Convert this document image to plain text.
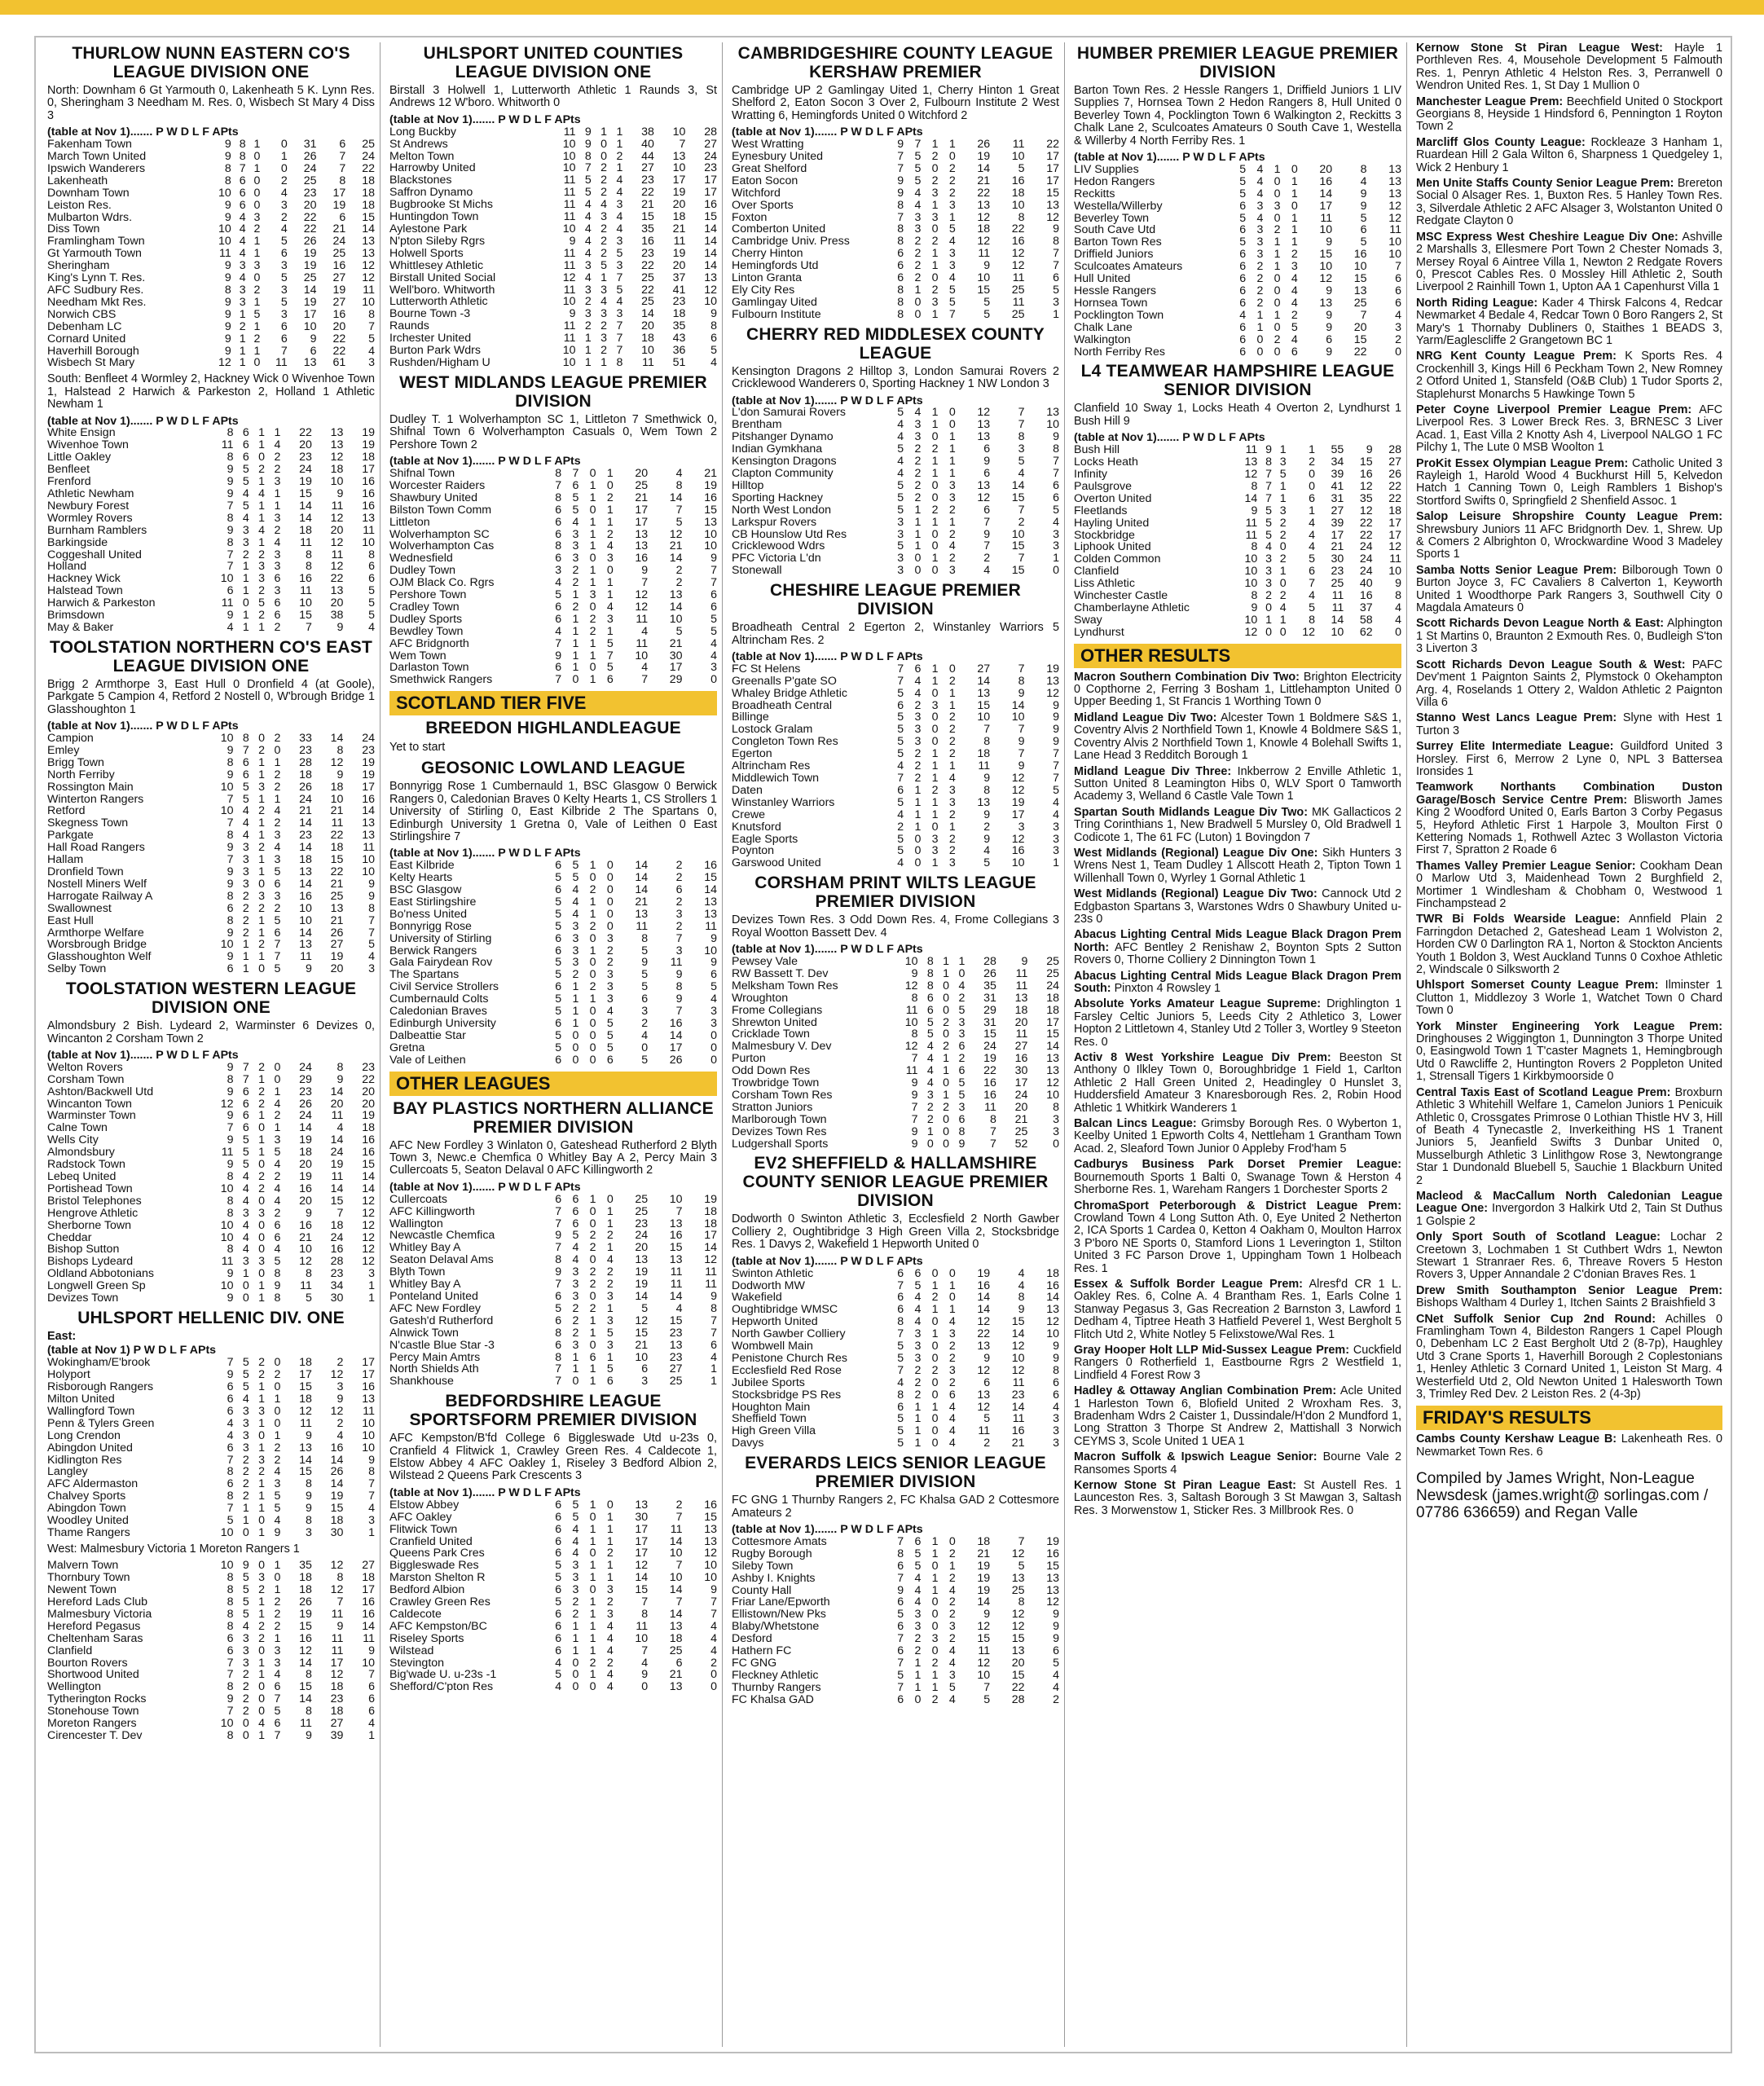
THURLOW NUNN EASTERN CO'S LEAGUE DIVISION ONE
North: Downham 6 Gt Yarmouth 0, Lakenheath 5 K. Lynn Res. 0, Sheringham 3 Needham M. Res. 0, Wisbech St Mary 4 Diss 3
(table at Nov 1)....... P W D L F APts							
Fakenham Town	9	8	1	0	31	6	25
March Town United	9	8	0	1	26	7	24
Ipswich Wanderers	8	7	1	0	24	7	22
Lakenheath	8	6	0	2	25	8	18
Downham Town	10	6	0	4	23	17	18
Leiston Res.	9	6	0	3	20	19	18
Mulbarton Wdrs.	9	4	3	2	22	6	15
Diss Town	10	4	2	4	22	21	14
Framlingham Town	10	4	1	5	26	24	13
Gt Yarmouth Town	11	4	1	6	19	25	13
Sheringham	9	3	3	3	19	16	12
King's Lynn T. Res.	9	4	0	5	25	27	12
AFC Sudbury Res.	8	3	2	3	14	19	11
Needham Mkt Res.	9	3	1	5	19	27	10
Norwich CBS	9	1	5	3	17	16	8
Debenham LC	9	2	1	6	10	20	7
Cornard United	9	1	2	6	9	22	5
Haverhill Borough	9	1	1	7	6	22	4
Wisbech St Mary	12	1	0	11	13	61	3
South: Benfleet 4 Wormley 2, Hackney Wick 0 Wivenhoe Town 1, Halstead 2 Harwich & Parkeston 2, Holland 1 Athletic Newham 1
(table at Nov 1)....... P W D L F APts							
White Ensign	8	6	1	1	22	13	19
Wivenhoe Town	11	6	1	4	20	13	19
Little Oakley	8	6	0	2	23	12	18
Benfleet	9	5	2	2	24	18	17
Frenford	9	5	1	3	19	10	16
Athletic Newham	9	4	4	1	15	9	16
Newbury Forest	7	5	1	1	14	11	16
Wormley Rovers	8	4	1	3	14	12	13
Burnham Ramblers	9	3	4	2	18	20	11
Barkingside	8	3	1	4	11	12	10
Coggeshall United	7	2	2	3	8	11	8
Holland	7	1	3	3	8	12	6
Hackney Wick	10	1	3	6	16	22	6
Halstead Town	6	1	2	3	11	13	5
Harwich & Parkeston	11	0	5	6	10	20	5
Brimsdown	9	1	2	6	15	38	5
May & Baker	4	1	1	2	7	9	4
TOOLSTATION NORTHERN CO'S EAST LEAGUE DIVISION ONE
Brigg 2 Armthorpe 3, East Hull 0 Dronfield 4 (at Goole), Parkgate 5 Campion 4, Retford 2 Nostell 0, W'brough Bridge 1 Glasshoughton 1
(table at Nov 1)....... P W D L F APts							
Campion	10	8	0	2	33	14	24
Emley	9	7	2	0	23	8	23
Brigg Town	8	6	1	1	28	12	19
North Ferriby	9	6	1	2	18	9	19
Rossington Main	10	5	3	2	26	18	17
Winterton Rangers	7	5	1	1	24	10	16
Retford	10	4	2	4	21	21	14
Skegness Town	7	4	1	2	14	11	13
Parkgate	8	4	1	3	23	22	13
Hall Road Rangers	9	3	2	4	14	18	11
Hallam	7	3	1	3	18	15	10
Dronfield Town	9	3	1	5	13	22	10
Nostell Miners Welf	9	3	0	6	14	21	9
Harrogate Railway A	8	2	3	3	16	25	9
Swallownest	6	2	2	2	10	13	8
East Hull	8	2	1	5	10	21	7
Armthorpe Welfare	9	2	1	6	14	26	7
Worsbrough Bridge	10	1	2	7	13	27	5
Glasshoughton Welf	9	1	1	7	11	19	4
Selby Town	6	1	0	5	9	20	3
TOOLSTATION WESTERN LEAGUE DIVISION ONE
Almondsbury 2 Bish. Lydeard 2, Warminster 6 Devizes 0, Wincanton 2 Corsham Town 2
(table at Nov 1)....... P W D L F APts							
Welton Rovers	9	7	2	0	24	8	23
Corsham Town	8	7	1	0	29	9	22
Ashton/Backwell Utd	9	6	2	1	23	14	20
Wincanton Town	12	6	2	4	26	20	20
Warminster Town	9	6	1	2	24	11	19
Calne Town	7	6	0	1	14	4	18
Wells City	9	5	1	3	19	14	16
Almondsbury	11	5	1	5	18	24	16
Radstock Town	9	5	0	4	20	19	15
Lebeq United	8	4	2	2	19	11	14
Portishead Town	10	4	2	4	16	14	14
Bristol Telephones	8	4	0	4	20	15	12
Hengrove Athletic	8	3	3	2	9	7	12
Sherborne Town	10	4	0	6	16	18	12
Cheddar	10	4	0	6	21	24	12
Bishop Sutton	8	4	0	4	10	16	12
Bishops Lydeard	11	3	3	5	12	28	12
Oldland Abbotonians	9	1	0	8	8	23	3
Longwell Green Sp	10	0	1	9	11	34	1
Devizes Town	9	0	1	8	5	30	1
UHLSPORT HELLENIC DIV. ONE
East:
(table at Nov 1) P W D L F APts							
Wokingham/E'brook	7	5	2	0	18	2	17
Holyport	9	5	2	2	17	12	17
Risborough Rangers	6	5	1	0	15	3	16
Milton United	6	4	1	1	18	9	13
Wallingford Town	6	3	3	0	12	12	11
Penn & Tylers Green	4	3	1	0	11	2	10
Long Crendon	4	3	0	1	9	4	10
Abingdon United	6	3	1	2	13	16	10
Kidlington Res	7	2	3	2	14	14	9
Langley	8	2	2	4	15	26	8
AFC Aldermaston	6	2	1	3	8	14	7
Chalvey Sports	8	2	1	5	9	19	7
Abingdon Town	7	1	1	5	9	15	4
Woodley United	5	1	0	4	8	18	3
Thame Rangers	10	0	1	9	3	30	1
West: Malmesbury Victoria 1 Moreton Rangers 1
Malvern Town	10	9	0	1	35	12	27
Thornbury Town	8	5	3	0	18	8	18
Newent Town	8	5	2	1	18	12	17
Hereford Lads Club	8	5	1	2	26	7	16
Malmesbury Victoria	8	5	1	2	19	11	16
Hereford Pegasus	8	4	2	2	15	9	14
Cheltenham Saras	6	3	2	1	16	11	11
Clanfield	6	3	0	3	12	11	9
Bourton Rovers	7	3	1	3	14	17	10
Shortwood United	7	2	1	4	8	12	7
Wellington	8	2	0	6	15	18	6
Tytherington Rocks	9	2	0	7	14	23	6
Stonehouse Town	7	2	0	5	8	18	6
Moreton Rangers	10	0	4	6	11	27	4
Cirencester T. Dev	8	0	1	7	9	39	1
UHLSPORT UNITED COUNTIES LEAGUE DIVISION ONE
Birstall 3 Holwell 1, Lutterworth Athletic 1 Raunds 3, St Andrews 12 W'boro. Whitworth 0
(table at Nov 1)....... P W D L F APts							
Long Buckby	11	9	1	1	38	10	28
St Andrews	10	9	0	1	40	7	27
Melton Town	10	8	0	2	44	13	24
Harrowby United	10	7	2	1	27	10	23
Blackstones	11	5	2	4	23	17	17
Saffron Dynamo	11	5	2	4	22	19	17
Bugbrooke St Michs	11	4	4	3	21	20	16
Huntingdon Town	11	4	3	4	15	18	15
Aylestone Park	10	4	2	4	35	21	14
N'pton Sileby Rgrs	9	4	2	3	16	11	14
Holwell Sports	11	4	2	5	23	19	14
Whittlesey Athletic	11	3	5	3	22	20	14
Birstall United Social	12	4	1	7	25	37	13
Well'boro. Whitworth	11	3	3	5	22	41	12
Lutterworth Athletic	10	2	4	4	25	23	10
Bourne Town -3	9	3	3	3	14	18	9
Raunds	11	2	2	7	20	35	8
Irchester United	11	1	3	7	18	43	6
Burton Park Wdrs	10	1	2	7	10	36	5
Rushden/Higham U	10	1	1	8	11	51	4
WEST MIDLANDS LEAGUE PREMIER DIVISION
Dudley T. 1 Wolverhampton SC 1, Littleton 7 Smethwick 0, Shifnal Town 6 Wolverhampton Casuals 0, Wem Town 2 Pershore Town 2
(table at Nov 1)....... P W D L F APts							
Shifnal Town	8	7	0	1	20	4	21
Worcester Raiders	7	6	1	0	25	8	19
Shawbury United	8	5	1	2	21	14	16
Bilston Town Comm	6	5	0	1	17	7	15
Littleton	6	4	1	1	17	5	13
Wolverhampton SC	6	3	1	2	13	12	10
Wolverhampton Cas	8	3	1	4	13	21	10
Wednesfield	6	3	0	3	16	14	9
Dudley Town	3	2	1	0	9	2	7
OJM Black Co. Rgrs	4	2	1	1	7	2	7
Pershore Town	5	1	3	1	12	13	6
Cradley Town	6	2	0	4	12	14	6
Dudley Sports	6	1	2	3	11	10	5
Bewdley Town	4	1	2	1	4	5	5
AFC Bridgnorth	7	1	1	5	11	21	4
Wem Town	9	1	1	7	10	30	4
Darlaston Town	6	1	0	5	4	17	3
Smethwick Rangers	7	0	1	6	7	29	0
SCOTLAND TIER FIVE
BREEDON HIGHLANDLEAGUE
Yet to start
GEOSONIC LOWLAND LEAGUE
Bonnyrigg Rose 1 Cumbernauld 1, BSC Glasgow 0 Berwick Rangers 0, Caledonian Braves 0 Kelty Hearts 1, CS Strollers 1 University of Stirling 0, East Kilbride 2 The Spartans 0, Edinburgh University 1 Gretna 0, Vale of Leithen 0 East Stirlingshire 7
(table at Nov 1)....... P W D L F APts							
East Kilbride	6	5	1	0	14	2	16
Kelty Hearts	5	5	0	0	14	2	15
BSC Glasgow	6	4	2	0	14	6	14
East Stirlingshire	5	4	1	0	21	2	13
Bo'ness United	5	4	1	0	13	3	13
Bonnyrigg Rose	5	3	2	0	11	2	11
University of Stirling	6	3	0	3	8	7	9
Berwick Rangers	6	3	1	2	5	3	10
Gala Fairydean Rov	5	3	0	2	9	11	9
The Spartans	5	2	0	3	5	9	6
Civil Service Strollers	6	1	2	3	5	8	5
Cumbernauld Colts	5	1	1	3	6	9	4
Caledonian Braves	5	1	0	4	3	7	3
Edinburgh University	6	1	0	5	2	16	3
Dalbeattie Star	5	0	0	5	4	14	0
Gretna	5	0	0	5	0	17	0
Vale of Leithen	6	0	0	6	5	26	0
OTHER LEAGUES
BAY PLASTICS NORTHERN ALLIANCE PREMIER DIVISION
AFC New Fordley 3 Winlaton 0, Gateshead Rutherford 2 Blyth Town 3, Newc.e Chemfica 0 Whitley Bay A 2, Percy Main 3 Cullercoats 5, Seaton Delaval 0 AFC Killingworth 2
(table at Nov 1)....... P W D L F APts							
Cullercoats	6	6	1	0	25	10	19
AFC Killingworth	7	6	0	1	25	7	18
Wallington	7	6	0	1	23	13	18
Newcastle Chemfica	9	5	2	2	24	16	17
Whitley Bay A	7	4	2	1	20	15	14
Seaton Delaval Ams	8	4	0	4	13	13	12
Blyth Town	9	3	2	2	19	11	11
Whitley Bay A	7	3	2	2	19	11	11
Ponteland United	6	3	0	3	14	14	9
AFC New Fordley	5	2	2	1	5	4	8
Gatesh'd Rutherford	6	2	1	3	12	15	7
Alnwick Town	8	2	1	5	15	23	7
N'castle Blue Star -3	6	3	0	3	21	13	6
Percy Main Amtrs	8	1	6	1	10	23	4
North Shields Ath	7	1	1	5	6	27	1
Shankhouse	7	0	1	6	3	25	1
BEDFORDSHIRE LEAGUE SPORTSFORM PREMIER DIVISION
AFC Kempston/B'fd College 6 Biggleswade Utd u-23s 0, Cranfield 4 Flitwick 1, Crawley Green Res. 4 Caldecote 1, Elstow Abbey 4 AFC Oakley 1, Riseley 3 Bedford Albion 2, Wilstead 2 Queens Park Crescents 3
(table at Nov 1)....... P W D L F APts							
Elstow Abbey	6	5	1	0	13	2	16
AFC Oakley	6	5	0	1	30	7	15
Flitwick Town	6	4	1	1	17	11	13
Cranfield United	6	4	1	1	17	14	13
Queens Park Cres	6	4	0	2	17	10	12
Biggleswade Res	5	3	1	1	12	7	10
Marston Shelton R	5	3	1	1	14	10	10
Bedford Albion	6	3	0	3	15	14	9
Crawley Green Res	5	2	1	2	7	7	7
Caldecote	6	2	1	3	8	14	7
AFC Kempston/BC	6	1	1	4	11	13	4
Riseley Sports	6	1	1	4	10	18	4
Wilstead	6	1	1	4	7	25	4
Stevington	4	0	2	2	4	6	2
Big'wade U. u-23s -1	5	0	1	4	9	21	0
Shefford/C'pton Res	4	0	0	4	0	13	0
CAMBRIDGESHIRE COUNTY LEAGUE KERSHAW PREMIER
Cambridge UP 2 Gamlingay Uited 1, Cherry Hinton 1 Great Shelford 2, Eaton Socon 3 Over 2, Fulbourn Institute 2 West Wratting 6, Hemingfords United 0 Witchford 2
(table at Nov 1)....... P W D L F APts							
West Wratting	9	7	1	1	26	11	22
Eynesbury United	7	5	2	0	19	10	17
Great Shelford	7	5	0	2	14	5	17
Eaton Socon	9	5	2	2	21	16	17
Witchford	9	4	3	2	22	18	15
Over Sports	8	4	1	3	13	10	13
Foxton	7	3	3	1	12	8	12
Comberton United	8	3	0	5	18	22	9
Cambridge Univ. Press	8	2	2	4	12	16	8
Cherry Hinton	6	2	1	3	11	12	7
Hemingfords Utd	6	2	1	3	9	12	7
Linton Granta	6	2	0	4	10	11	6
Ely City Res	8	1	2	5	15	25	5
Gamlingay Uited	8	0	3	5	5	11	3
Fulbourn Institute	8	0	1	7	5	25	1
CHERRY RED MIDDLESEX COUNTY LEAGUE
Kensington Dragons 2 Hilltop 3, London Samurai Rovers 2 Cricklewood Wanderers 0, Sporting Hackney 1 NW London 3
(table at Nov 1)....... P W D L F APts							
L'don Samurai Rovers	5	4	1	0	12	7	13
Brentham	4	3	1	0	13	7	10
Pitshanger Dynamo	4	3	0	1	13	8	9
Indian Gymkhana	5	2	2	1	6	3	8
Kensington Dragons	4	2	1	1	9	5	7
Clapton Community	4	2	1	1	6	4	7
Hilltop	5	2	0	3	13	14	6
Sporting Hackney	5	2	0	3	12	15	6
North West London	5	1	2	2	6	7	5
Larkspur Rovers	3	1	1	1	7	2	4
CB Hounslow Utd Res	3	1	0	2	9	10	3
Cricklewood Wdrs	5	1	0	4	7	15	3
PFC Victoria L'dn	3	0	1	2	2	7	1
Stonewall	3	0	0	3	4	15	0
CHESHIRE LEAGUE PREMIER DIVISION
Broadheath Central 2 Egerton 2, Winstanley Warriors 5 Altrincham Res. 2
(table at Nov 1)....... P W D L F APts							
FC St Helens	7	6	1	0	27	7	19
Greenalls P'gate SO	7	4	1	2	14	8	13
Whaley Bridge Athletic	5	4	0	1	13	9	12
Broadheath Central	6	2	3	1	15	14	9
Billinge	5	3	0	2	10	10	9
Lostock Gralam	5	3	0	2	7	7	9
Congleton Town Res	5	3	0	2	8	9	9
Egerton	5	2	1	2	18	7	7
Altrincham Res	4	2	1	1	11	9	7
Middlewich Town	7	2	1	4	9	12	7
Daten	6	1	2	3	8	12	5
Winstanley Warriors	5	1	1	3	13	19	4
Crewe	4	1	1	2	9	17	4
Knutsford	2	1	0	1	2	3	3
Eagle Sports	5	0	3	2	9	12	3
Poynton	5	0	3	2	4	16	3
Garswood United	4	0	1	3	5	10	1
CORSHAM PRINT WILTS LEAGUE PREMIER DIVISION
Devizes Town Res. 3 Odd Down Res. 4, Frome Collegians 3 Royal Wootton Bassett Dev. 4
(table at Nov 1)....... P W D L F APts							
Pewsey Vale	10	8	1	1	28	9	25
RW Bassett T. Dev	9	8	1	0	26	11	25
Melksham Town Res	12	8	0	4	35	11	24
Wroughton	8	6	0	2	31	13	18
Frome Collegians	11	6	0	5	29	18	18
Shrewton United	10	5	2	3	31	20	17
Cricklade Town	8	5	0	3	15	11	15
Malmesbury V. Dev	12	4	2	6	24	27	14
Purton	7	4	1	2	19	16	13
Odd Down Res	11	4	1	6	22	30	13
Trowbridge Town	9	4	0	5	16	17	12
Corsham Town Res	9	3	1	5	16	24	10
Stratton Juniors	7	2	2	3	11	20	8
Marlborough Town	7	2	0	6	8	21	3
Devizes Town Res	9	1	0	8	7	25	3
Ludgershall Sports	9	0	0	9	7	52	0
EV2 SHEFFIELD & HALLAMSHIRE COUNTY SENIOR LEAGUE PREMIER DIVISION
Dodworth 0 Swinton Athletic 3, Ecclesfield 2 North Gawber Colliery 2, Oughtibridge 3 High Green Villa 2, Stocksbridge Res. 1 Davys 2, Wakefield 1 Hepworth United 0
(table at Nov 1)....... P W D L F APts							
Swinton Athletic	6	6	0	0	19	4	18
Dodworth MW	7	5	1	1	16	4	16
Wakefield	6	4	2	0	14	8	14
Oughtibridge WMSC	6	4	1	1	14	9	13
Hepworth United	8	4	0	4	12	15	12
North Gawber Colliery	7	3	1	3	22	14	10
Wombwell Main	5	3	0	2	13	12	9
Penistone Church Res	5	3	0	2	9	10	9
Ecclesfield Red Rose	7	2	2	3	12	12	8
Jubilee Sports	4	2	0	2	6	11	6
Stocksbridge PS Res	8	2	0	6	13	23	6
Houghton Main	6	1	1	4	12	14	4
Sheffield Town	5	1	0	4	5	11	3
High Green Villa	5	1	0	4	11	16	3
Davys	5	1	0	4	2	21	3
EVERARDS LEICS SENIOR LEAGUE PREMIER DIVISION
FC GNG 1 Thurnby Rangers 2, FC Khalsa GAD 2 Cottesmore Amateurs 2
(table at Nov 1)....... P W D L F APts							
Cottesmore Amats	7	6	1	0	18	7	19
Rugby Borough	8	5	1	2	21	12	16
Sileby Town	6	5	0	1	19	5	15
Ashby I. Knights	7	4	1	2	19	13	13
County Hall	9	4	1	4	19	25	13
Friar Lane/Epworth	6	4	0	2	14	8	12
Ellistown/New Pks	5	3	0	2	9	12	9
Blaby/Whetstone	6	3	0	3	12	12	9
Desford	7	2	3	2	15	15	9
Hathern FC	6	2	0	4	11	13	6
FC GNG	7	1	2	4	12	20	5
Fleckney Athletic	5	1	1	3	10	15	4
Thurnby Rangers	7	1	1	5	7	22	4
FC Khalsa GAD	6	0	2	4	5	28	2
HUMBER PREMIER LEAGUE PREMIER DIVISION
Barton Town Res. 2 Hessle Rangers 1, Driffield Juniors 1 LIV Supplies 7, Hornsea Town 2 Hedon Rangers 8, Hull United 0 Beverley Town 4, Pocklington Town 6 Walkington 2, Reckitts 3 Chalk Lane 2, Sculcoates Amateurs 0 South Cave 1, Westella & Willerby 4 North Ferriby Res. 1
(table at Nov 1)....... P W D L F APts							
LIV Supplies	5	4	1	0	20	8	13
Hedon Rangers	5	4	0	1	16	4	13
Reckitts	5	4	0	1	14	9	13
Westella/Willerby	6	3	3	0	17	9	12
Beverley Town	5	4	0	1	11	5	12
South Cave Utd	6	3	2	1	10	6	11
Barton Town Res	5	3	1	1	9	5	10
Driffield Juniors	6	3	1	2	15	16	10
Sculcoates Amateurs	6	2	1	3	10	10	7
Hull United	6	2	0	4	12	15	6
Hessle Rangers	6	2	0	4	9	13	6
Hornsea Town	6	2	0	4	13	25	6
Pocklington Town	4	1	1	2	9	7	4
Chalk Lane	6	1	0	5	9	20	3
Walkington	6	0	2	4	6	15	2
North Ferriby Res	6	0	0	6	9	22	0
L4 TEAMWEAR HAMPSHIRE LEAGUE SENIOR DIVISION
Clanfield 10 Sway 1, Locks Heath 4 Overton 2, Lyndhurst 1 Bush Hill 9
(table at Nov 1)....... P W D L F APts							
Bush Hill	11	9	1	1	55	9	28
Locks Heath	13	8	3	2	34	15	27
Infinity	12	7	5	0	39	16	26
Paulsgrove	8	7	1	0	41	12	22
Overton United	14	7	1	6	31	35	22
Fleetlands	9	5	3	1	27	12	18
Hayling United	11	5	2	4	39	22	17
Stockbridge	11	5	2	4	17	22	17
Liphook United	8	4	0	4	21	24	12
Colden Common	10	3	2	5	30	24	11
Clanfield	10	3	1	6	23	24	10
Liss Athletic	10	3	0	7	25	40	9
Winchester Castle	8	2	2	4	11	16	8
Chamberlayne Athletic	9	0	4	5	11	37	4
Sway	10	1	1	8	14	58	4
Lyndhurst	12	0	0	12	10	62	0
OTHER RESULTS
Macron Southern Combination Div Two: Brighton Electricity 0 Copthorne 2, Ferring 3 Bosham 1, Littlehampton United 0 Upper Beeding 1, St Francis 1 Worthing Town 0
Midland League Div Two: Alcester Town 1 Boldmere S&S 1, Coventry Alvis 2 Northfield Town 1, Knowle 4 Boldmere S&S 1, Coventry Alvis 2 Northfield Town 1, Knowle 4 Bolehall Swifts 1, Lane Head 3 Redditch Borough 1
Midland League Div Three: Inkberrow 2 Enville Athletic 1, Sutton United 8 Leamington Hibs 0, WLV Sport 0 Tamworth Academy 3, Welland 6 Castle Vale Town 1
Spartan South Midlands League Div Two: MK Gallacticos 2 Tring Corinthians 1, New Bradwell 5 Mursley 0, Old Bradwell 1 Codicote 1, The 61 FC (Luton) 1 Bovingdon 7
West Midlands (Regional) League Div One: Sikh Hunters 3 Wrens Nest 1, Team Dudley 1 Allscott Heath 2, Tipton Town 1 Willenhall Town 0, Wyrley 1 Gornal Athletic 1
West Midlands (Regional) League Div Two: Cannock Utd 2 Edgbaston Spartans 3, Warstones Wdrs 0 Shawbury United u-23s 0
Abacus Lighting Central Mids League Black Dragon Prem North: AFC Bentley 2 Renishaw 2, Boynton Spts 2 Sutton Rovers 0, Thorne Colliery 2 Dinnington Town 1
Abacus Lighting Central Mids League Black Dragon Prem South: Pinxton 4 Rowsley 1
Absolute Yorks Amateur League Supreme: Drighlington 1 Farsley Celtic Juniors 5, Leeds City 2 Athletico 3, Lower Hopton 2 Littletown 4, Stanley Utd 2 Toller 3, Wortley 9 Steeton Res. 0
Activ 8 West Yorkshire League Div Prem: Beeston St Anthony 0 Ilkley Town 0, Boroughbridge 1 Field 1, Carlton Athletic 2 Hall Green United 2, Headingley 0 Hunslet 3, Huddersfield Amateur 3 Knaresborough Res. 2, Robin Hood Athletic 1 Whitkirk Wanderers 1
Balcan Lincs League: Grimsby Borough Res. 0 Wyberton 1, Keelby United 1 Epworth Colts 4, Nettleham 1 Grantham Town Acad. 2, Sleaford Town Junior 0 Appleby Frod'ham 5
Cadburys Business Park Dorset Premier League: Bournemouth Sports 1 Balti 0, Swanage Town & Herston 4 Sherborne Res. 1, Wareham Rangers 1 Dorchester Sports 2
ChromaSport Peterborough & District League Prem: Crowland Town 4 Long Sutton Ath. 0, Eye United 2 Netherton 2, ICA Sports 1 Cardea 0, Ketton 4 Oakham 0, Moulton Harrox 3 P'boro NE Sports 0, Stamford Lions 1 Leverington 1, Stilton United 3 FC Parson Drove 1, Uppingham Town 1 Holbeach Res. 1
Essex & Suffolk Border League Prem: Alresf'd CR 1 L. Oakley Res. 6, Colne A. 4 Brantham Res. 1, Earls Colne 1 Stanway Pegasus 3, Gas Recreation 2 Barnston 3, Lawford 1 Dedham 4, Tiptree Heath 3 Hatfield Peverel 1, West Bergholt 5 Flitch Utd 2, White Notley 5 Felixstowe/Wal Res. 1
Gray Hooper Holt LLP Mid-Sussex League Prem: Cuckfield Rangers 0 Rotherfield 1, Eastbourne Rgrs 2 Westfield 1, Lindfield 4 Forest Row 3
Hadley & Ottaway Anglian Combination Prem: Acle United 1 Harleston Town 6, Blofield United 2 Wroxham Res. 3, Bradenham Wdrs 2 Caister 1, Dussindale/H'don 2 Mundford 1, Long Stratton 3 Thorpe St Andrew 2, Mattishall 3 Norwich CEYMS 3, Scole United 1 UEA 1
Macron Suffolk & Ipswich League Senior: Bourne Vale 2 Ransomes Sports 4
Kernow Stone St Piran League East: St Austell Res. 1 Launceston Res. 3, Saltash Borough 3 St Mawgan 3, Saltash Res. 3 Morwenstow 1, Sticker Res. 3 Millbrook Res. 0
Kernow Stone St Piran League West: Hayle 1 Porthleven Res. 4, Mousehole Development 5 Falmouth Res. 1, Penryn Athletic 4 Helston Res. 3, Perranwell 0 Wendron United Res. 1, St Day 1 Mullion 0
Manchester League Prem: Beechfield United 0 Stockport Georgians 8, Heyside 1 Hindsford 6, Pennington 1 Royton Town 2
Marcliff Glos County League: Rockleaze 3 Hanham 1, Ruardean Hill 2 Gala Wilton 6, Sharpness 1 Quedgeley 1, Wick 2 Henbury 1
Men Unite Staffs County Senior League Prem: Brereton Social 0 Alsager Res. 1, Buxton Res. 5 Hanley Town Res. 3, Silverdale Athletic 2 AFC Alsager 3, Wolstanton United 0 Redgate Clayton 0
MSC Express West Cheshire League Div One: Ashville 2 Marshalls 3, Ellesmere Port Town 2 Chester Nomads 3, Mersey Royal 6 Aintree Villa 1, Newton 2 Redgate Rovers 0, Prescot Cables Res. 0 Mossley Hill Athletic 2, South Liverpool 2 Rainhill Town 1, Upton AA 1 Capenhurst Villa 1
North Riding League: Kader 4 Thirsk Falcons 4, Redcar Newmarket 4 Bedale 4, Redcar Town 0 Boro Rangers 2, St Mary's 1 Thornaby Dubliners 0, Staithes 1 BEADS 3, Yarm/Eaglescliffe 2 Grangetown BC 1
NRG Kent County League Prem: K Sports Res. 4 Crockenhill 3, Kings Hill 6 Peckham Town 2, New Romney 2 Otford United 1, Stansfeld (O&B Club) 1 Tudor Sports 2, Staplehurst Monarchs 5 Hawkinge Town 5
Peter Coyne Liverpool Premier League Prem: AFC Liverpool Res. 3 Lower Breck Res. 3, BRNESC 3 Liver Acad. 1, East Villa 2 Knotty Ash 4, Liverpool NALGO 1 FC Pilchy 1, The Lute 0 MSB Woolton 1
ProKit Essex Olympian League Prem: Catholic United 3 Rayleigh 1, Harold Wood 4 Buckhurst Hill 5, Kelvedon Hatch 1 Canning Town 0, Leigh Ramblers 1 Bishop's Stortford Swifts 0, Springfield 2 Shenfield Assoc. 1
Salop Leisure Shropshire County League Prem: Shrewsbury Juniors 11 AFC Bridgnorth Dev. 1, Shrew. Up & Comers 2 Albrighton 0, Wrockwardine Wood 3 Madeley Sports 1
Samba Notts Senior League Prem: Bilborough Town 0 Burton Joyce 3, FC Cavaliers 8 Calverton 1, Keyworth United 1 Woodthorpe Park Rangers 3, Southwell City 0 Magdala Amateurs 0
Scott Richards Devon League North & East: Alphington 1 St Martins 0, Braunton 2 Exmouth Res. 0, Budleigh S'ton 3 Liverton 3
Scott Richards Devon League South & West: PAFC Dev'ment 1 Paignton Saints 2, Plymstock 0 Okehampton Arg. 4, Roselands 1 Ottery 2, Waldon Athletic 2 Paignton Villa 6
Stanno West Lancs League Prem: Slyne with Hest 1 Turton 3
Surrey Elite Intermediate League: Guildford United 3 Horsley. First 6, Merrow 2 Lyne 0, NPL 3 Battersea Ironsides 1
Teamwork Northants Combination Duston Garage/Bosch Service Centre Prem: Blisworth James King 2 Woodford United 0, Earls Barton 3 Corby Pegasus 5, Heyford Athletic First 1 Harpole 3, Moulton First 0 Kettering Nomads 1, Rothwell Aztec 3 Wollaston Victoria First 7, Spratton 2 Roade 6
Thames Valley Premier League Senior: Cookham Dean 0 Marlow Utd 3, Maidenhead Town 2 Burghfield 2, Mortimer 1 Windlesham & Chobham 0, Westwood 1 Finchampstead 2
TWR Bi Folds Wearside League: Annfield Plain 2 Farringdon Detached 2, Gateshead Leam 1 Wolviston 2, Horden CW 0 Darlington RA 1, Norton & Stockton Ancients Youth 1 Boldon 3, West Auckland Tunns 0 Coxhoe Athletic 2, Windscale 0 Silksworth 2
Uhlsport Somerset County League Prem: Ilminster 1 Clutton 1, Middlezoy 3 Worle 1, Watchet Town 0 Chard Town 0
York Minster Engineering York League Prem: Dringhouses 2 Wiggington 1, Dunnington 3 Thorpe United 0, Easingwold Town 1 T'caster Magnets 1, Hemingbrough Utd 0 Rawcliffe 2, Huntington Rovers 2 Poppleton United 1, Strensall Tigers 1 Kirkbymoorside 0
Central Taxis East of Scotland League Prem: Broxburn Athletic 3 Whitehill Welfare 1, Camelon Juniors 1 Penicuik Athletic 0, Crossgates Primrose 0 Lothian Thistle HV 3, Hill of Beath 4 Tynecastle 2, Inverkeithing HS 1 Tranent Juniors 5, Jeanfield Swifts 3 Dunbar United 0, Musselburgh Athletic 3 Linlithgow Rose 3, Newtongrange Star 1 Dundonald Bluebell 5, Sauchie 1 Blackburn United 2
Macleod & MacCallum North Caledonian League League One: Invergordon 3 Halkirk Utd 2, Tain St Duthus 1 Golspie 2
Only Sport South of Scotland League: Lochar 2 Creetown 3, Lochmaben 1 St Cuthbert Wdrs 1, Newton Stewart 1 Stranraer Res. 6, Threave Rovers 5 Heston Rovers 3, Upper Annandale 2 C'donian Braves Res. 1
Drew Smith Southampton Senior League Prem: Bishops Waltham 4 Durley 1, Itchen Saints 2 Braishfield 3
CNet Suffolk Senior Cup 2nd Round: Achilles 0 Framlingham Town 4, Bildeston Rangers 1 Capel Plough 0, Debenham LC 2 East Bergholt Utd 2 (8-7p), Haughley Utd 3 Crane Sports 1, Haverhill Borough 2 Coplestonians 1, Henley Athletic 3 Cornard United 1, Leiston St Marg. 4 Westerfield Utd 2, Old Newton United 1 Halesworth Town 3, Trimley Red Dev. 2 Leiston Res. 2 (4-3p)
FRIDAY'S RESULTS
Cambs County Kershaw League B: Lakenheath Res. 0 Newmarket Town Res. 6
Compiled by James Wright, Non-League Newsdesk (james.wright@ sorlingas.com / 07786 636659) and Regan Valle
